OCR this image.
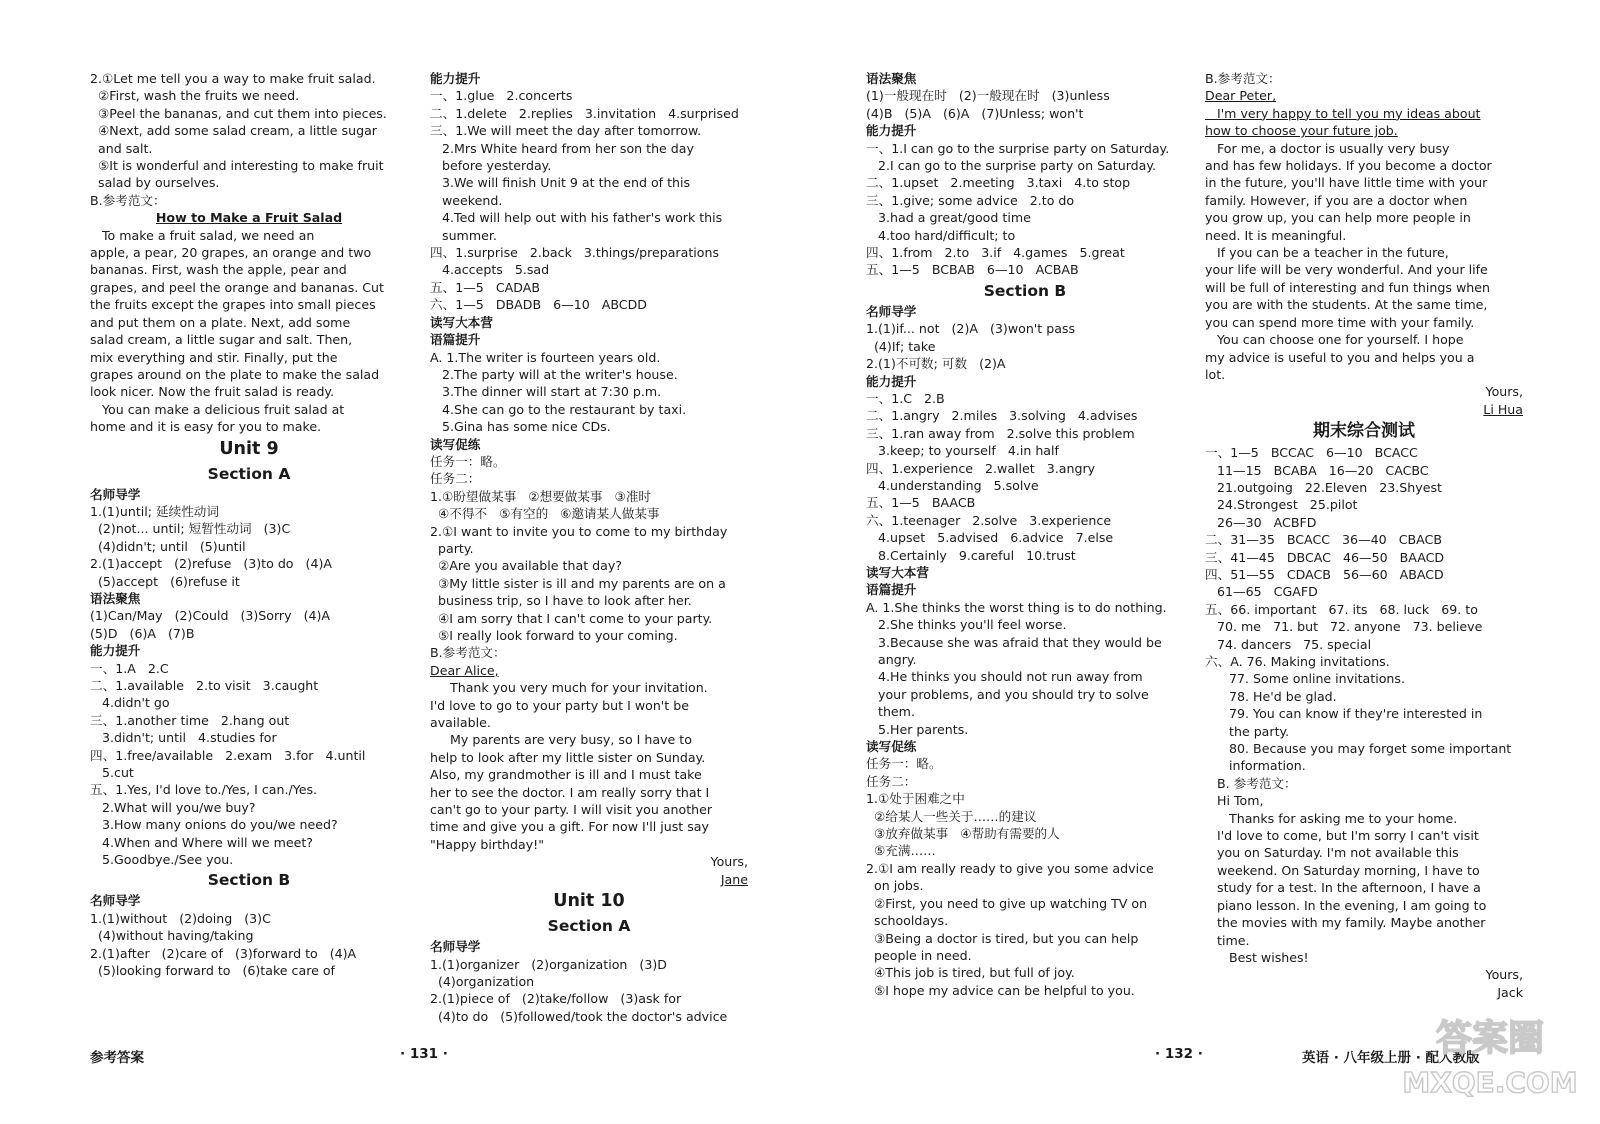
2.①Let me tell you a way to make fruit salad.
②First, wash the fruits we need.
③Peel the bananas, and cut them into pieces.
④Next, add some salad cream, a little sugar
and salt.
⑤It is wonderful and interesting to make fruit
salad by ourselves.
B.参考范文：
How to Make a Fruit Salad
To make a fruit salad, we need an
apple, a pear, 20 grapes, an orange and two
bananas. First, wash the apple, pear and
grapes, and peel the orange and bananas. Cut
the fruits except the grapes into small pieces
and put them on a plate. Next, add some
salad cream, a little sugar and salt. Then,
mix everything and stir. Finally, put the
grapes around on the plate to make the salad
look nicer. Now the fruit salad is ready.
You can make a delicious fruit salad at
home and it is easy for you to make.
Unit 9
Section A
名师导学
1.(1)until; 延续性动词
(2)not... until; 短暂性动词   (3)C
(4)didn't; until   (5)until
2.(1)accept   (2)refuse   (3)to do   (4)A
(5)accept   (6)refuse it
语法聚焦
(1)Can/May   (2)Could   (3)Sorry   (4)A
(5)D   (6)A   (7)B
能力提升
一、1.A   2.C
二、1.available   2.to visit   3.caught
4.didn't go
三、1.another time   2.hang out
3.didn't; until   4.studies for
四、1.free/available   2.exam   3.for   4.until
5.cut
五、1.Yes, I'd love to./Yes, I can./Yes.
2.What will you/we buy?
3.How many onions do you/we need?
4.When and Where will we meet?
5.Goodbye./See you.
Section B
名师导学
1.(1)without   (2)doing   (3)C
(4)without having/taking
2.(1)after   (2)care of   (3)forward to   (4)A
(5)looking forward to   (6)take care of
能力提升
一、1.glue   2.concerts
二、1.delete   2.replies   3.invitation   4.surprised
三、1.We will meet the day after tomorrow.
2.Mrs White heard from her son the day
before yesterday.
3.We will finish Unit 9 at the end of this
weekend.
4.Ted will help out with his father's work this
summer.
四、1.surprise   2.back   3.things/preparations
4.accepts   5.sad
五、1—5   CADAB
六、1—5   DBADB   6—10   ABCDD
读写大本营
语篇提升
A. 1.The writer is fourteen years old.
2.The party will at the writer's house.
3.The dinner will start at 7:30 p.m.
4.She can go to the restaurant by taxi.
5.Gina has some nice CDs.
读写促练
任务一：略。
任务二：
1.①盼望做某事   ②想要做某事   ③准时
④不得不   ⑤有空的   ⑥邀请某人做某事
2.①I want to invite you to come to my birthday
party.
②Are you available that day?
③My little sister is ill and my parents are on a
business trip, so I have to look after her.
④I am sorry that I can't come to your party.
⑤I really look forward to your coming.
B.参考范文：
Dear Alice,
Thank you very much for your invitation.
I'd love to go to your party but I won't be
available.
My parents are very busy, so I have to
help to look after my little sister on Sunday.
Also, my grandmother is ill and I must take
her to see the doctor. I am really sorry that I
can't go to your party. I will visit you another
time and give you a gift. For now I'll just say
"Happy birthday!"
Yours,
Jane
Unit 10
Section A
名师导学
1.(1)organizer   (2)organization   (3)D
(4)organization
2.(1)piece of   (2)take/follow   (3)ask for
(4)to do   (5)followed/took the doctor's advice
语法聚焦
(1)一般现在时   (2)一般现在时   (3)unless
(4)B   (5)A   (6)A   (7)Unless; won't
能力提升
一、1.I can go to the surprise party on Saturday.
2.I can go to the surprise party on Saturday.
二、1.upset   2.meeting   3.taxi   4.to stop
三、1.give; some advice   2.to do
3.had a great/good time
4.too hard/difficult; to
四、1.from   2.to   3.if   4.games   5.great
五、1—5   BCBAB   6—10   ACBAB
Section B
名师导学
1.(1)if... not   (2)A   (3)won't pass
(4)If; take
2.(1)不可数; 可数   (2)A
能力提升
一、1.C   2.B
二、1.angry   2.miles   3.solving   4.advises
三、1.ran away from   2.solve this problem
3.keep; to yourself   4.in half
四、1.experience   2.wallet   3.angry
4.understanding   5.solve
五、1—5   BAACB
六、1.teenager   2.solve   3.experience
4.upset   5.advised   6.advice   7.else
8.Certainly   9.careful   10.trust
读写大本营
语篇提升
A. 1.She thinks the worst thing is to do nothing.
2.She thinks you'll feel worse.
3.Because she was afraid that they would be
angry.
4.He thinks you should not run away from
your problems, and you should try to solve
them.
5.Her parents.
读写促练
任务一：略。
任务二：
1.①处于困难之中
②给某人一些关于……的建议
③放弃做某事   ④帮助有需要的人
⑤充满……
2.①I am really ready to give you some advice
on jobs.
②First, you need to give up watching TV on
schooldays.
③Being a doctor is tired, but you can help
people in need.
④This job is tired, but full of joy.
⑤I hope my advice can be helpful to you.
B.参考范文：
Dear Peter,
I'm very happy to tell you my ideas about
how to choose your future job.
For me, a doctor is usually very busy
and has few holidays. If you become a doctor
in the future, you'll have little time with your
family. However, if you are a doctor when
you grow up, you can help more people in
need. It is meaningful.
If you can be a teacher in the future,
your life will be very wonderful. And your life
will be full of interesting and fun things when
you are with the students. At the same time,
you can spend more time with your family.
You can choose one for yourself. I hope
my advice is useful to you and helps you a
lot.
Yours,
Li Hua
期末综合测试
一、1—5   BCCAC   6—10   BCACC
11—15   BCABA   16—20   CACBC
21.outgoing   22.Eleven   23.Shyest
24.Strongest   25.pilot
26—30   ACBFD
二、31—35   BCACC   36—40   CBACB
三、41—45   DBCAC   46—50   BAACD
四、51—55   CDACB   56—60   ABACD
61—65   CGAFD
五、66. important   67. its   68. luck   69. to
70. me   71. but   72. anyone   73. believe
74. dancers   75. special
六、A. 76. Making invitations.
77. Some online invitations.
78. He'd be glad.
79. You can know if they're interested in
the party.
80. Because you may forget some important
information.
B. 参考范文：
Hi Tom,
Thanks for asking me to your home.
I'd love to come, but I'm sorry I can't visit
you on Saturday. I'm not available this
weekend. On Saturday morning, I have to
study for a test. In the afternoon, I have a
piano lesson. In the evening, I am going to
the movies with my family. Maybe another
time.
Best wishes!
Yours,
Jack
参考答案	· 131 ·	· 132 ·	英语 · 八年级上册 · 配人教版
答案圈
MXQE.COM
